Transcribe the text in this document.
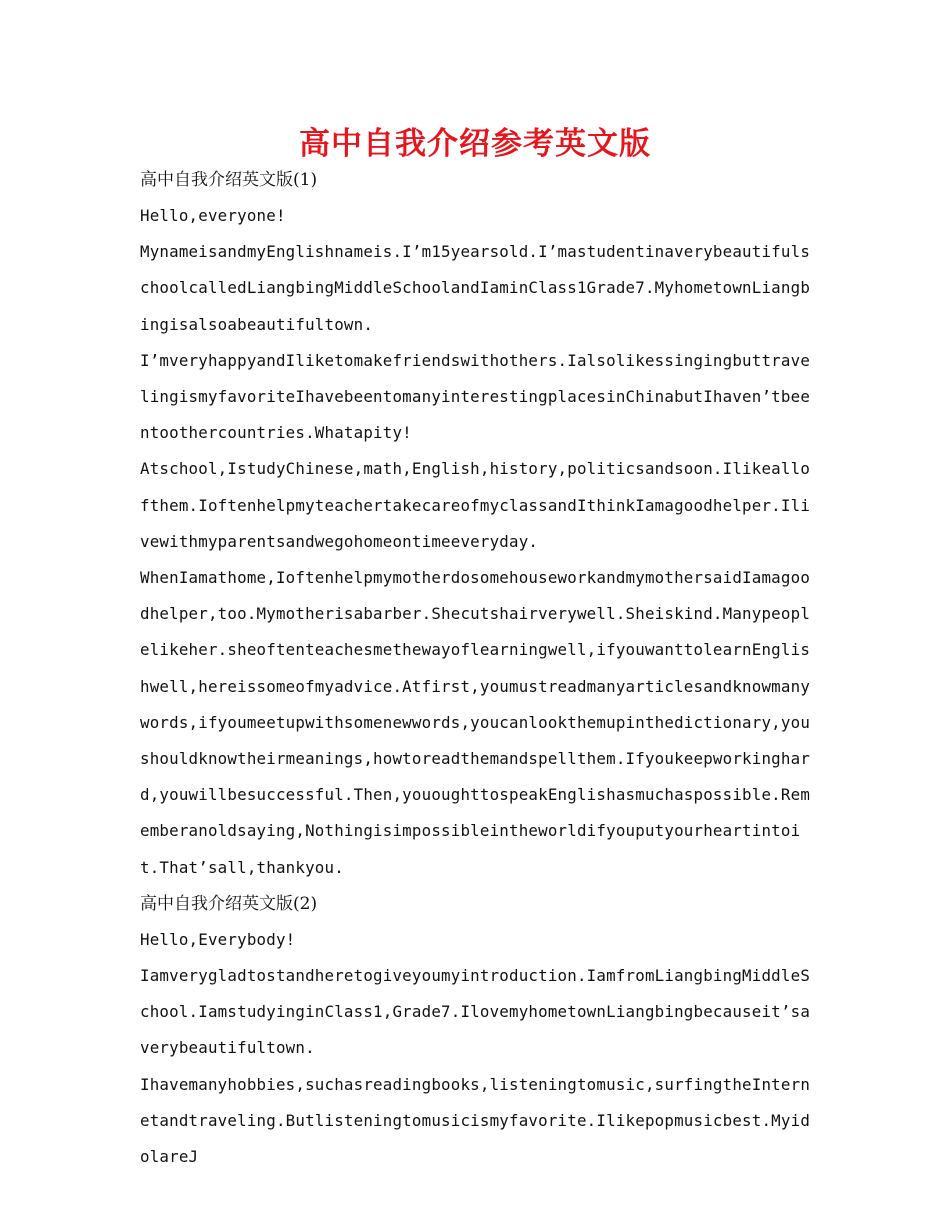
高中自我介绍参考英文版
高中自我介绍英文版(1)

Hello,everyone!

MynameisandmyEnglishnameis.I’m15yearsold.I’mastudentinaverybeautifulschoolcalledLiangbingMiddleSchoolandIaminClass1Grade7.MyhometownLiangbingisalsoabeautifultown.

I’mveryhappyandIliketomakefriendswithothers.IalsolikessingingbuttravelingismyfavoriteIhavebeentomanyinterestingplacesinChinabutIhaven’tbeentoothercountries.Whatapity!

Atschool,IstudyChinese,math,English,history,politicsandsoon.Ilikeallofthem.IoftenhelpmyteachertakecareofmyclassandIthinkIamagoodhelper.Ilivewithmyparentsandwegohomeontimeeveryday.

WhenIamathome,IoftenhelpmymotherdosomehouseworkandmymothersaidIamagoodhelper,too.Mymotherisabarber.Shecutshairverywell.Sheiskind.Manypeoplelikeher.sheoftenteachesmethewayoflearningwell,ifyouwanttolearnEnglishwell,hereissomeofmyadvice.Atfirst,youmustreadmanyarticlesandknowmanywords,ifyoumeetupwithsomenewwords,youcanlookthemupinthedictionary,youshouldknowtheirmeanings,howtoreadthemandspellthem.Ifyoukeepworkinghard,youwillbesuccessful.Then,yououghttospeakEnglishasmuchaspossible.Rememberanoldsaying,Nothingisimpossibleintheworldifyouputyourheartintoit.That’sall,thankyou.

高中自我介绍英文版(2)

Hello,Everybody!

Iamverygladtostandheretogiveyoumyintroduction.IamfromLiangbingMiddleSchool.IamstudyinginClass1,Grade7.IlovemyhometownLiangbingbecauseit’saverybeautifultown.

Ihavemanyhobbies,suchasreadingbooks,listeningtomusic,surfingtheInternetandtraveling.Butlisteningtomusicismyfavorite.Ilikepopmusicbest.MyidolareJ
